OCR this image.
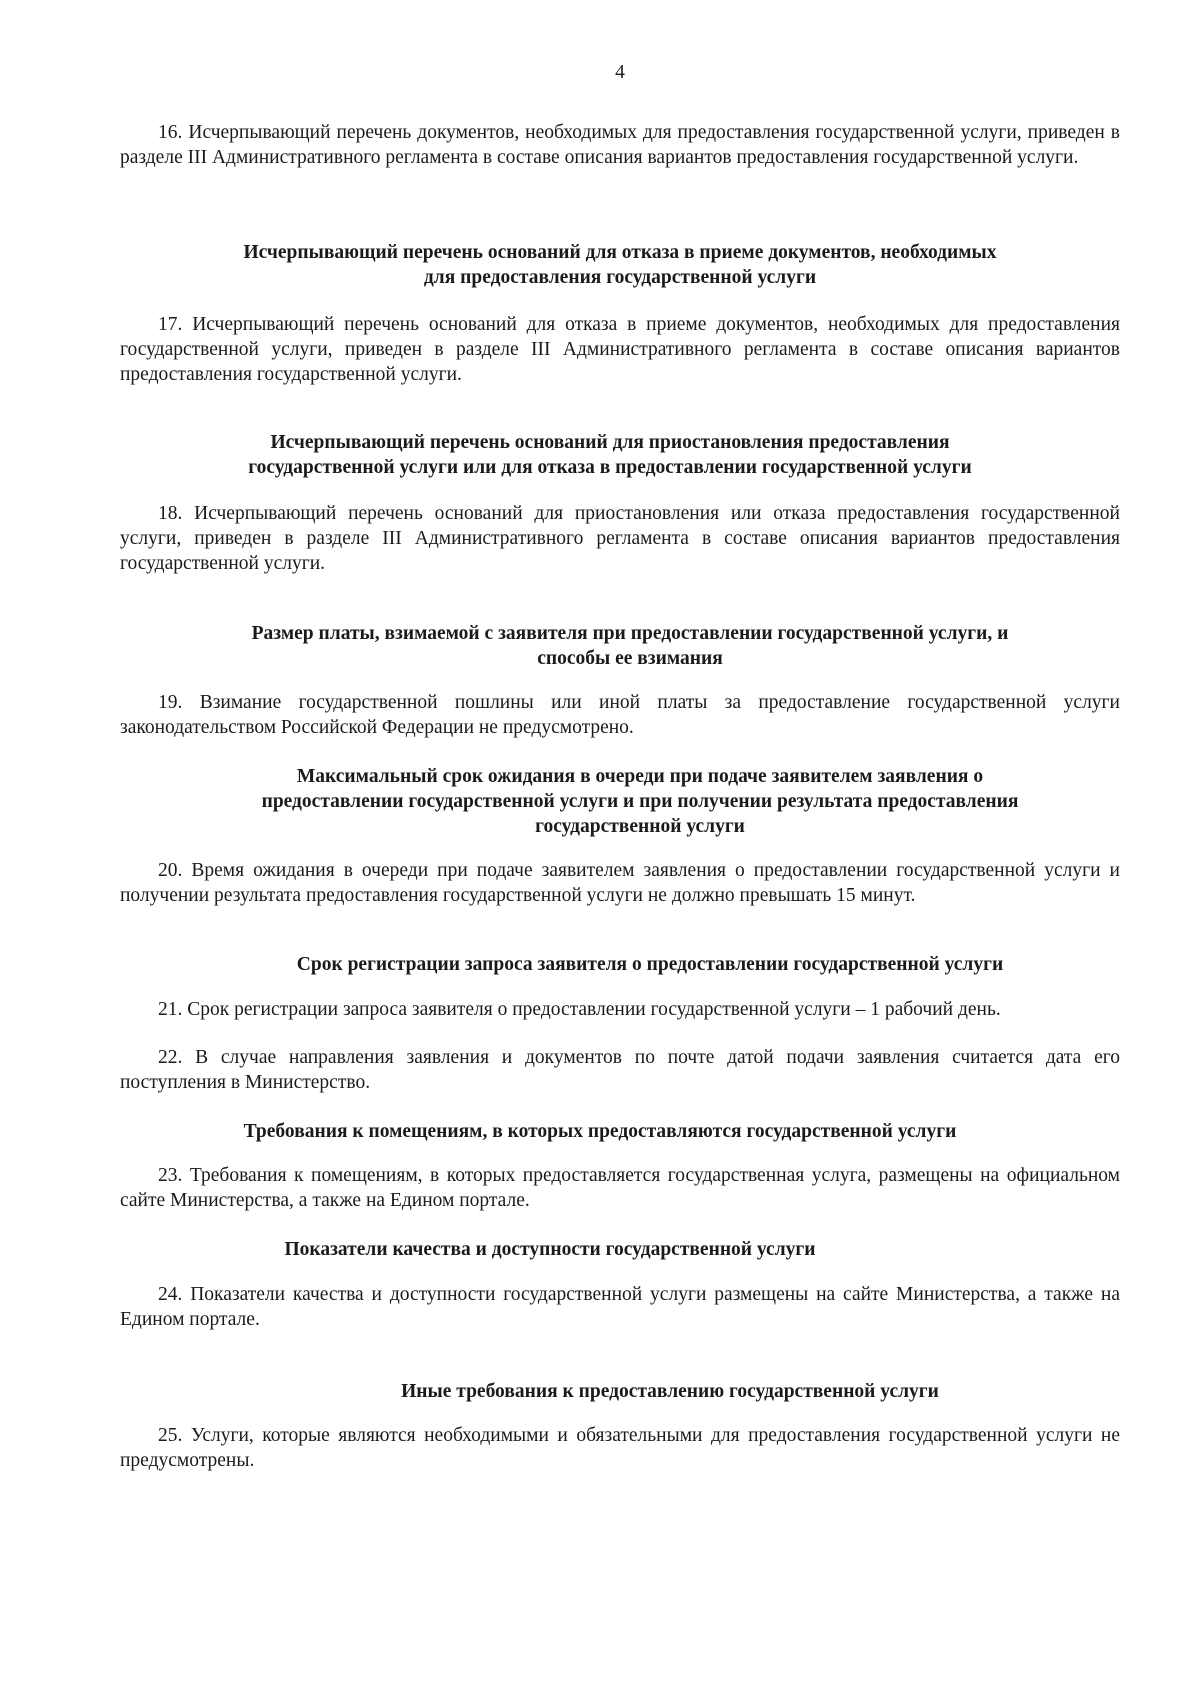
4

16. Исчерпывающий перечень документов, необходимых для предоставления государственной услуги, приведен в разделе III Административного регламента в составе описания вариантов предоставления государственной услуги.

Исчерпывающий перечень оснований для отказа в приеме документов, необходимых
для предоставления государственной услуги

17. Исчерпывающий перечень оснований для отказа в приеме документов, необходимых для предоставления государственной услуги, приведен в разделе III Административного регламента в составе описания вариантов предоставления государственной услуги.

Исчерпывающий перечень оснований для приостановления предоставления
государственной услуги или для отказа в предоставлении государственной услуги

18. Исчерпывающий перечень оснований для приостановления или отказа предоставления государственной услуги, приведен в разделе III Административного регламента в составе описания вариантов предоставления государственной услуги.

Размер платы, взимаемой с заявителя при предоставлении государственной услуги, и
способы ее взимания

19. Взимание государственной пошлины или иной платы за предоставление государственной услуги законодательством Российской Федерации не предусмотрено.

Максимальный срок ожидания в очереди при подаче заявителем заявления о
предоставлении государственной услуги и при получении результата предоставления
государственной услуги

20. Время ожидания в очереди при подаче заявителем заявления о предоставлении государственной услуги и получении результата предоставления государственной услуги не должно превышать 15 минут.

Срок регистрации запроса заявителя о предоставлении государственной услуги

21. Срок регистрации запроса заявителя о предоставлении государственной услуги – 1 рабочий день.

22. В случае направления заявления и документов по почте датой подачи заявления считается дата его поступления в Министерство.

Требования к помещениям, в которых предоставляются государственной услуги

23. Требования к помещениям, в которых предоставляется государственная услуга, размещены на официальном сайте Министерства, а также на Едином портале.

Показатели качества и доступности государственной услуги

24. Показатели качества и доступности государственной услуги размещены на сайте Министерства, а также на Едином портале.

Иные требования к предоставлению государственной услуги

25. Услуги, которые являются необходимыми и обязательными для предоставления государственной услуги не предусмотрены.
